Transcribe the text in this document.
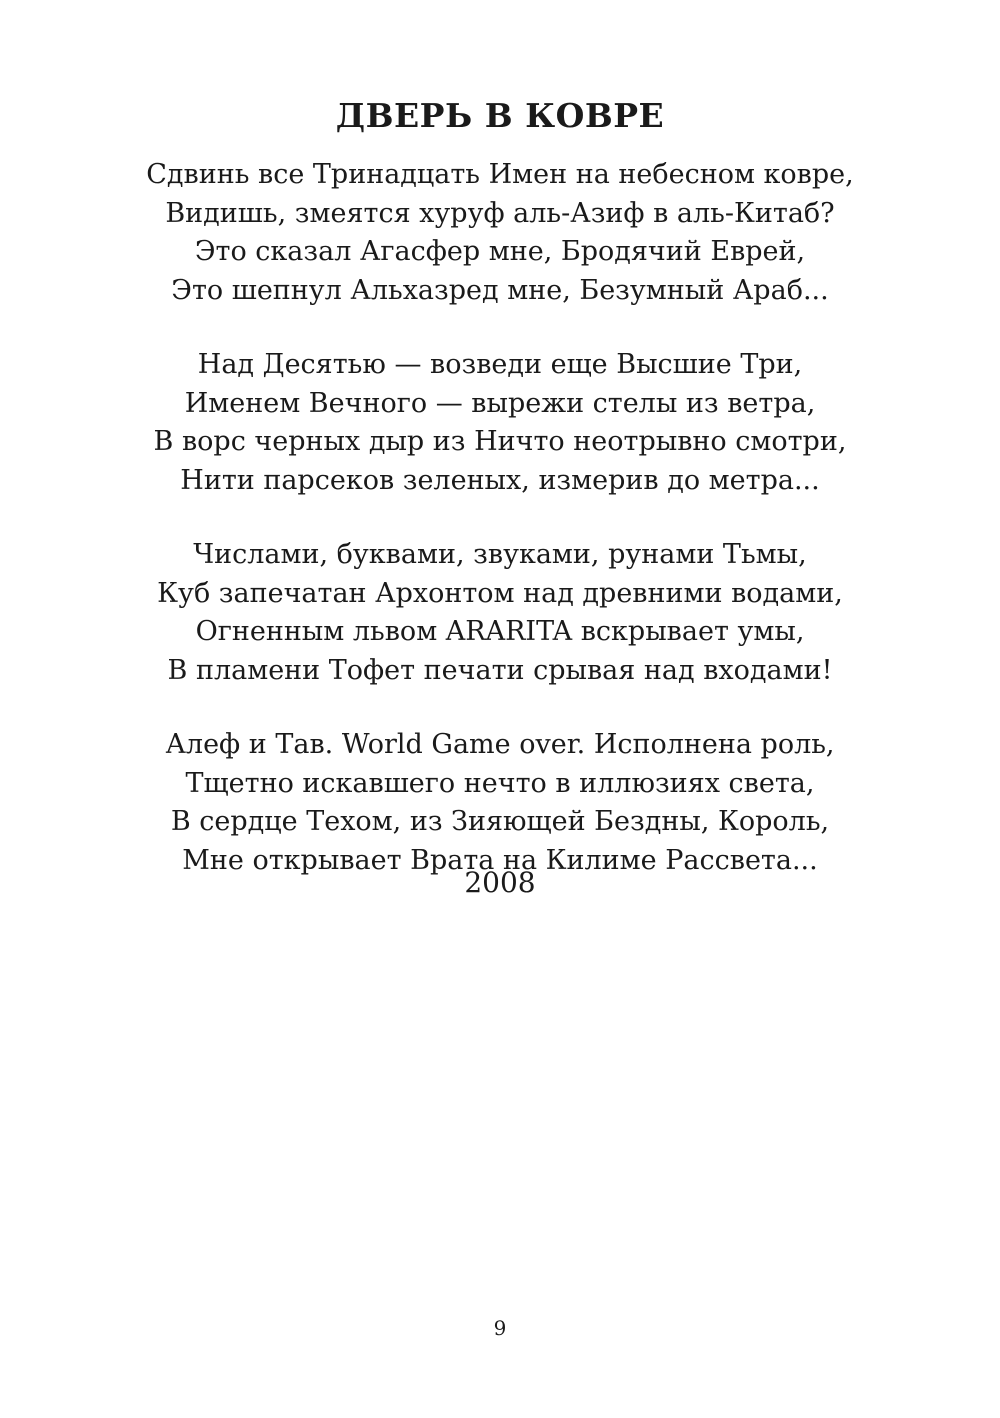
ДВЕРЬ В КОВРЕ
Сдвинь все Тринадцать Имен на небесном ковре,
Видишь, змеятся хуруф аль-Азиф в аль-Китаб?
Это сказал Агасфер мне, Бродячий Еврей,
Это шепнул Альхазред мне, Безумный Араб...
Над Десятью — возведи еще Высшие Три,
Именем Вечного — вырежи стелы из ветра,
В ворс черных дыр из Ничто неотрывно смотри,
Нити парсеков зеленых, измерив до метра...
Числами, буквами, звуками, рунами Тьмы,
Куб запечатан Архонтом над древними водами,
Огненным львом ARARITA вскрывает умы,
В пламени Тофет печати срывая над входами!
Алеф и Тав. World Game over. Исполнена роль,
Тщетно искавшего нечто в иллюзиях света,
В сердце Техом, из Зияющей Бездны, Король,
Мне открывает Врата на Килиме Рассвета...
2008
9
